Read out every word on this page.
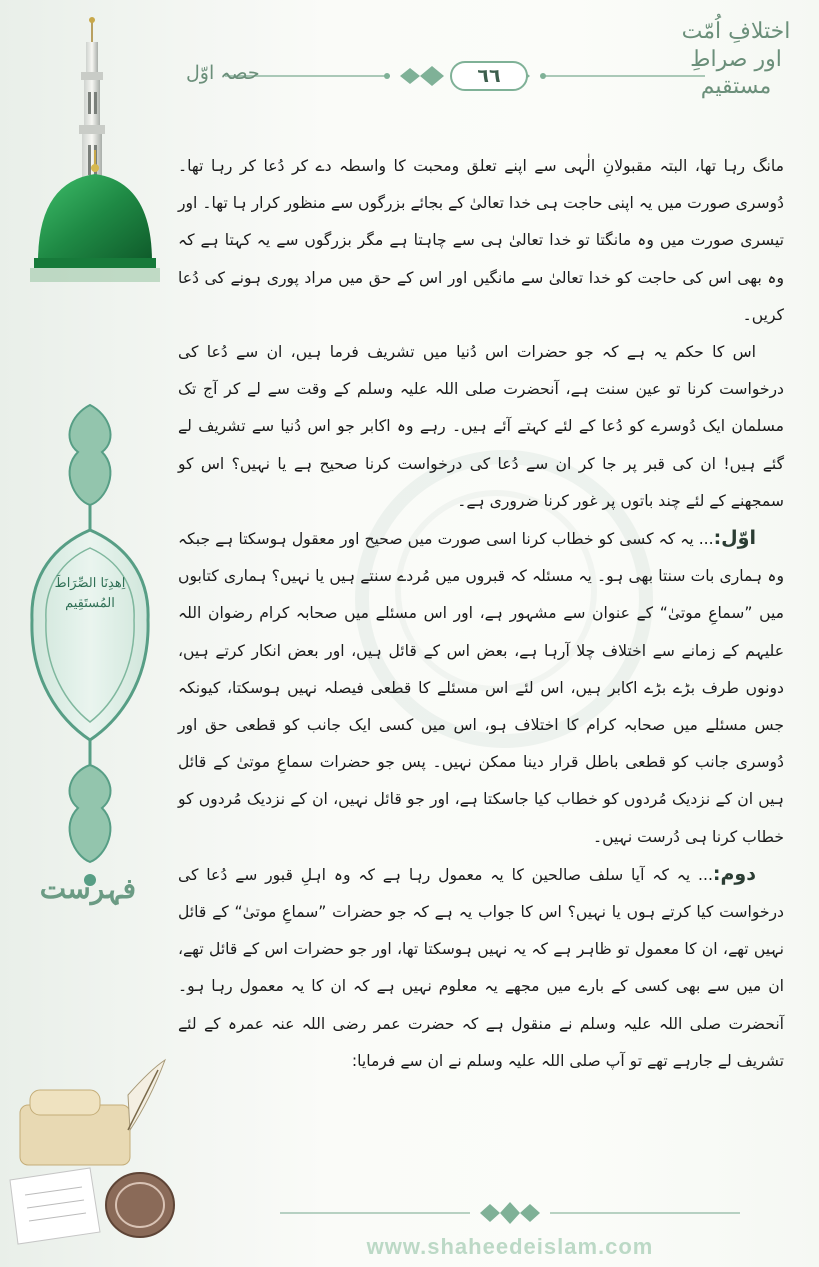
اِهدِنَا الصِّرَاطَ المُستَقِيم
فہرست
اختلافِ اُمّت
اور صراطِ مستقیم
حصہ اوّل	٦٦

مانگ رہا تھا، البتہ مقبولانِ الٰہی سے اپنے تعلق ومحبت کا واسطہ دے کر دُعا کر رہا تھا۔ دُوسری صورت میں یہ اپنی حاجت ہی خدا تعالیٰ کے بجائے بزرگوں سے منظور کرار ہا تھا۔ اور تیسری صورت میں وہ مانگتا تو خدا تعالیٰ ہی سے چاہتا ہے مگر بزرگوں سے یہ کہتا ہے کہ وہ بھی اس کی حاجت کو خدا تعالیٰ سے مانگیں اور اس کے حق میں مراد پوری ہونے کی دُعا کریں۔

اس کا حکم یہ ہے کہ جو حضرات اس دُنیا میں تشریف فرما ہیں، ان سے دُعا کی درخواست کرنا تو عین سنت ہے، آنحضرت صلی اللہ علیہ وسلم کے وقت سے لے کر آج تک مسلمان ایک دُوسرے کو دُعا کے لئے کہتے آئے ہیں۔ رہے وہ اکابر جو اس دُنیا سے تشریف لے گئے ہیں! ان کی قبر پر جا کر ان سے دُعا کی درخواست کرنا صحیح ہے یا نہیں؟ اس کو سمجھنے کے لئے چند باتوں پر غور کرنا ضروری ہے۔

اوّل:... یہ کہ کسی کو خطاب کرنا اسی صورت میں صحیح اور معقول ہوسکتا ہے جبکہ وہ ہماری بات سنتا بھی ہو۔ یہ مسئلہ کہ قبروں میں مُردے سنتے ہیں یا نہیں؟ ہماری کتابوں میں ”سماعِ موتیٰ“ کے عنوان سے مشہور ہے، اور اس مسئلے میں صحابہ کرام رضوان اللہ علیہم کے زمانے سے اختلاف چلا آرہا ہے، بعض اس کے قائل ہیں، اور بعض انکار کرتے ہیں، دونوں طرف بڑے بڑے اکابر ہیں، اس لئے اس مسئلے کا قطعی فیصلہ نہیں ہوسکتا، کیونکہ جس مسئلے میں صحابہ کرام کا اختلاف ہو، اس میں کسی ایک جانب کو قطعی حق اور دُوسری جانب کو قطعی باطل قرار دینا ممکن نہیں۔ پس جو حضرات سماعِ موتیٰ کے قائل ہیں ان کے نزدیک مُردوں کو خطاب کیا جاسکتا ہے، اور جو قائل نہیں، ان کے نزدیک مُردوں کو خطاب کرنا ہی دُرست نہیں۔

دوم:... یہ کہ آیا سلف صالحین کا یہ معمول رہا ہے کہ وہ اہلِ قبور سے دُعا کی درخواست کیا کرتے ہوں یا نہیں؟ اس کا جواب یہ ہے کہ جو حضرات ”سماعِ موتیٰ“ کے قائل نہیں تھے، ان کا معمول تو ظاہر ہے کہ یہ نہیں ہوسکتا تھا، اور جو حضرات اس کے قائل تھے، ان میں سے بھی کسی کے بارے میں مجھے یہ معلوم نہیں ہے کہ ان کا یہ معمول رہا ہو۔ آنحضرت صلی اللہ علیہ وسلم نے منقول ہے کہ حضرت عمر رضی اللہ عنہ عمرہ کے لئے تشریف لے جارہے تھے تو آپ صلی اللہ علیہ وسلم نے ان سے فرمایا:

www.shaheedeislam.com
